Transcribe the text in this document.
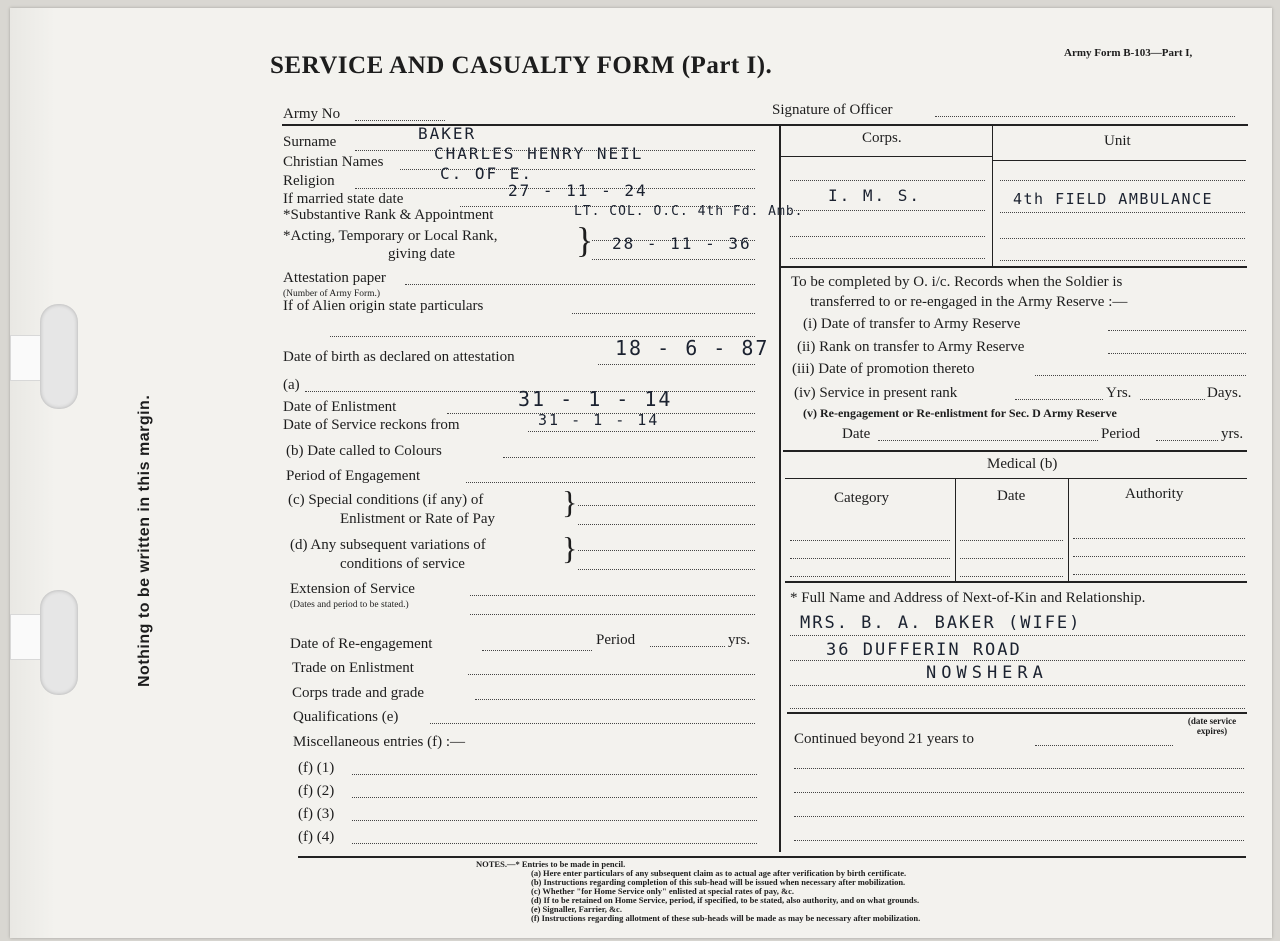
Nothing to be written in this margin.
SERVICE AND CASUALTY FORM (Part I).	Army Form B-103—Part I,
Army No	Signature of Officer
Surname	BAKER
Christian Names	CHARLES HENRY NEIL
Religion	C. OF E.
If married state date	27 - 11 - 24
*Substantive Rank & Appointment	LT. COL. O.C. 4th Fd. Amb.
*Acting, Temporary or Local Rank,
giving date	} 28 - 11 - 36
Attestation paper
(Number of Army Form.)
If of Alien origin state particulars
Date of birth as declared on attestation	18 - 6 - 87
(a)
Date of Enlistment	31 - 1 - 14
Date of Service reckons from	31 - 1 - 14
(b) Date called to Colours
Period of Engagement
(c) Special conditions (if any) of
Enlistment or Rate of Pay }
(d) Any subsequent variations of
conditions of service	}
Extension of Service
(Dates and period to be stated.)
Date of Re-engagement	Period	yrs.
Trade on Enlistment
Corps trade and grade
Qualifications (e)
Miscellaneous entries (f) :—
(f) (1)
(f) (2)
(f) (3)
(f) (4)
Corps.	Unit
I. M. S.	4th FIELD AMBULANCE
To be completed by O. i/c. Records when the Soldier is
transferred to or re-engaged in the Army Reserve :—
(i) Date of transfer to Army Reserve
(ii) Rank on transfer to Army Reserve
(iii) Date of promotion thereto
(iv) Service in present rank	Yrs.	Days.
(v) Re-engagement or Re-enlistment for Sec. D Army Reserve
Date	Period	yrs.
Medical (b)
Category	Date	Authority
* Full Name and Address of Next-of-Kin and Relationship.
MRS. B. A. BAKER (WIFE)
36 DUFFERIN ROAD
NOWSHERA
Continued beyond 21 years to
(date service expires)
NOTES.—* Entries to be made in pencil.
(a) Here enter particulars of any subsequent claim as to actual age after verification by birth certificate.
(b) Instructions regarding completion of this sub-head will be issued when necessary after mobilization.
(c) Whether "for Home Service only" enlisted at special rates of pay, &c.
(d) If to be retained on Home Service, period, if specified, to be stated, also authority, and on what grounds.
(e) Signaller, Farrier, &c.
(f) Instructions regarding allotment of these sub-heads will be made as may be necessary after mobilization.
